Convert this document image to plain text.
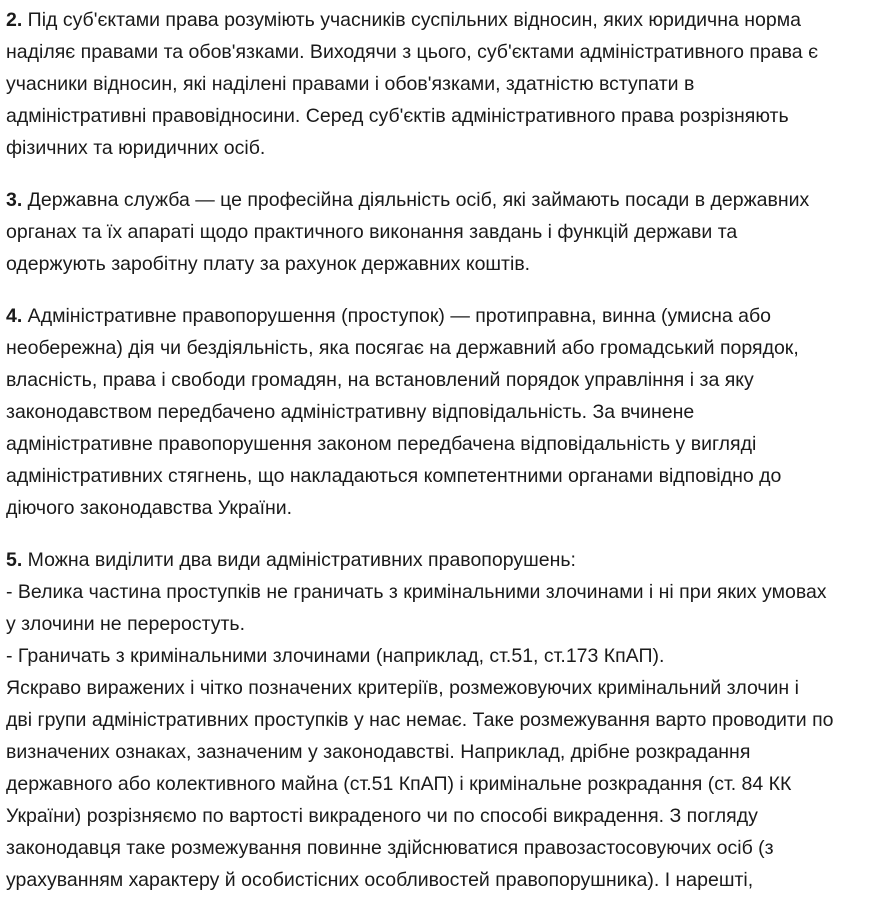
2. Під суб'єктами права розуміють учасників суспільних відносин, яких юридична норма
наділяє правами та обов'язками. Виходячи з цього, суб'єктами адміністративного права є
учасники відносин, які наділені правами і обов'язками, здатністю вступати в
адміністративні правовідносини. Серед суб'єктів адміністративного права розрізняють
фізичних та юридичних осіб.

3. Державна служба — це професійна діяльність осіб, які займають посади в державних
органах та їх апараті щодо практичного виконання завдань і функцій держави та
одержують заробітну плату за рахунок державних коштів.

4. Адміністративне правопорушення (проступок) — протиправна, винна (умисна або
необережна) дія чи бездіяльність, яка посягає на державний або громадський порядок,
власність, права і свободи громадян, на встановлений порядок управління і за яку
законодавством передбачено адміністративну відповідальність. За вчинене
адміністративне правопорушення законом передбачена відповідальність у вигляді
адміністративних стягнень, що накладаються компетентними органами відповідно до
діючого законодавства України.

5. Можна виділити два види адміністративних правопорушень:
- Велика частина проступків не граничать з кримінальними злочинами і ні при яких умовах
у злочини не переростуть.
- Граничать з кримінальними злочинами (наприклад, ст.51, ст.173 КпАП).
Яскраво виражених і чітко позначених критеріїв, розмежовуючих кримінальний злочин і
дві групи адміністративних проступків у нас немає. Таке розмежування варто проводити по
визначених ознаках, зазначеним у законодавстві. Наприклад, дрібне розкрадання
державного або колективного майна (ст.51 КпАП) і кримінальне розкрадання (ст. 84 КК
України) розрізняємо по вартості викраденого чи по способі викрадення. З погляду
законодавця таке розмежування повинне здійснюватися правозастосовуючих осіб (з
урахуванням характеру й особистісних особливостей правопорушника). І нарешті,
